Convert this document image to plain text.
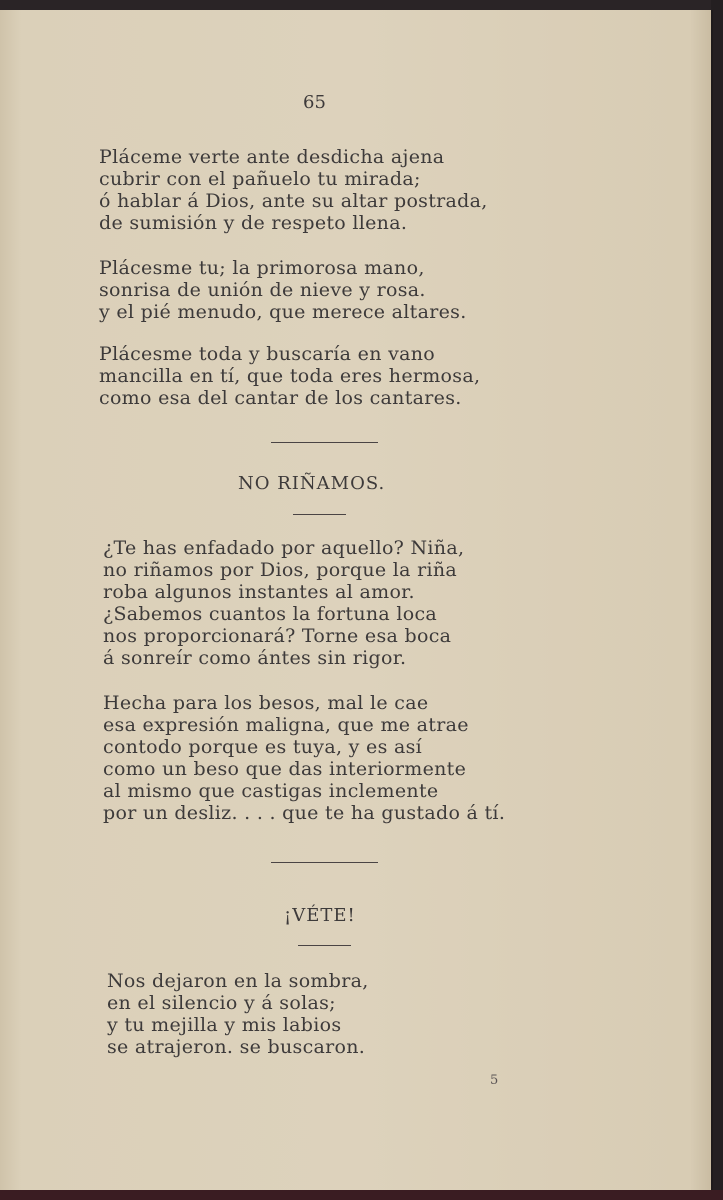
65
Pláceme verte ante desdicha ajena
cubrir con el pañuelo tu mirada;
ó hablar á Dios, ante su altar postrada,
de sumisión y de respeto llena.
Plácesme tu; la primorosa mano,
sonrisa de unión de nieve y rosa.
y el pié menudo, que merece altares.
Plácesme toda y buscaría en vano
mancilla en tí, que toda eres hermosa,
como esa del cantar de los cantares.
NO RIÑAMOS.
¿Te has enfadado por aquello? Niña,
no riñamos por Dios, porque la riña
roba algunos instantes al amor.
¿Sabemos cuantos la fortuna loca
nos proporcionará? Torne esa boca
á sonreír como ántes sin rigor.
Hecha para los besos, mal le cae
esa expresión maligna, que me atrae
contodo porque es tuya, y es así
como un beso que das interiormente
al mismo que castigas inclemente
por un desliz. . . . que te ha gustado á tí.
¡VÉTE!
Nos dejaron en la sombra,
en el silencio y á solas;
y tu mejilla y mis labios
se atrajeron. se buscaron.
5
